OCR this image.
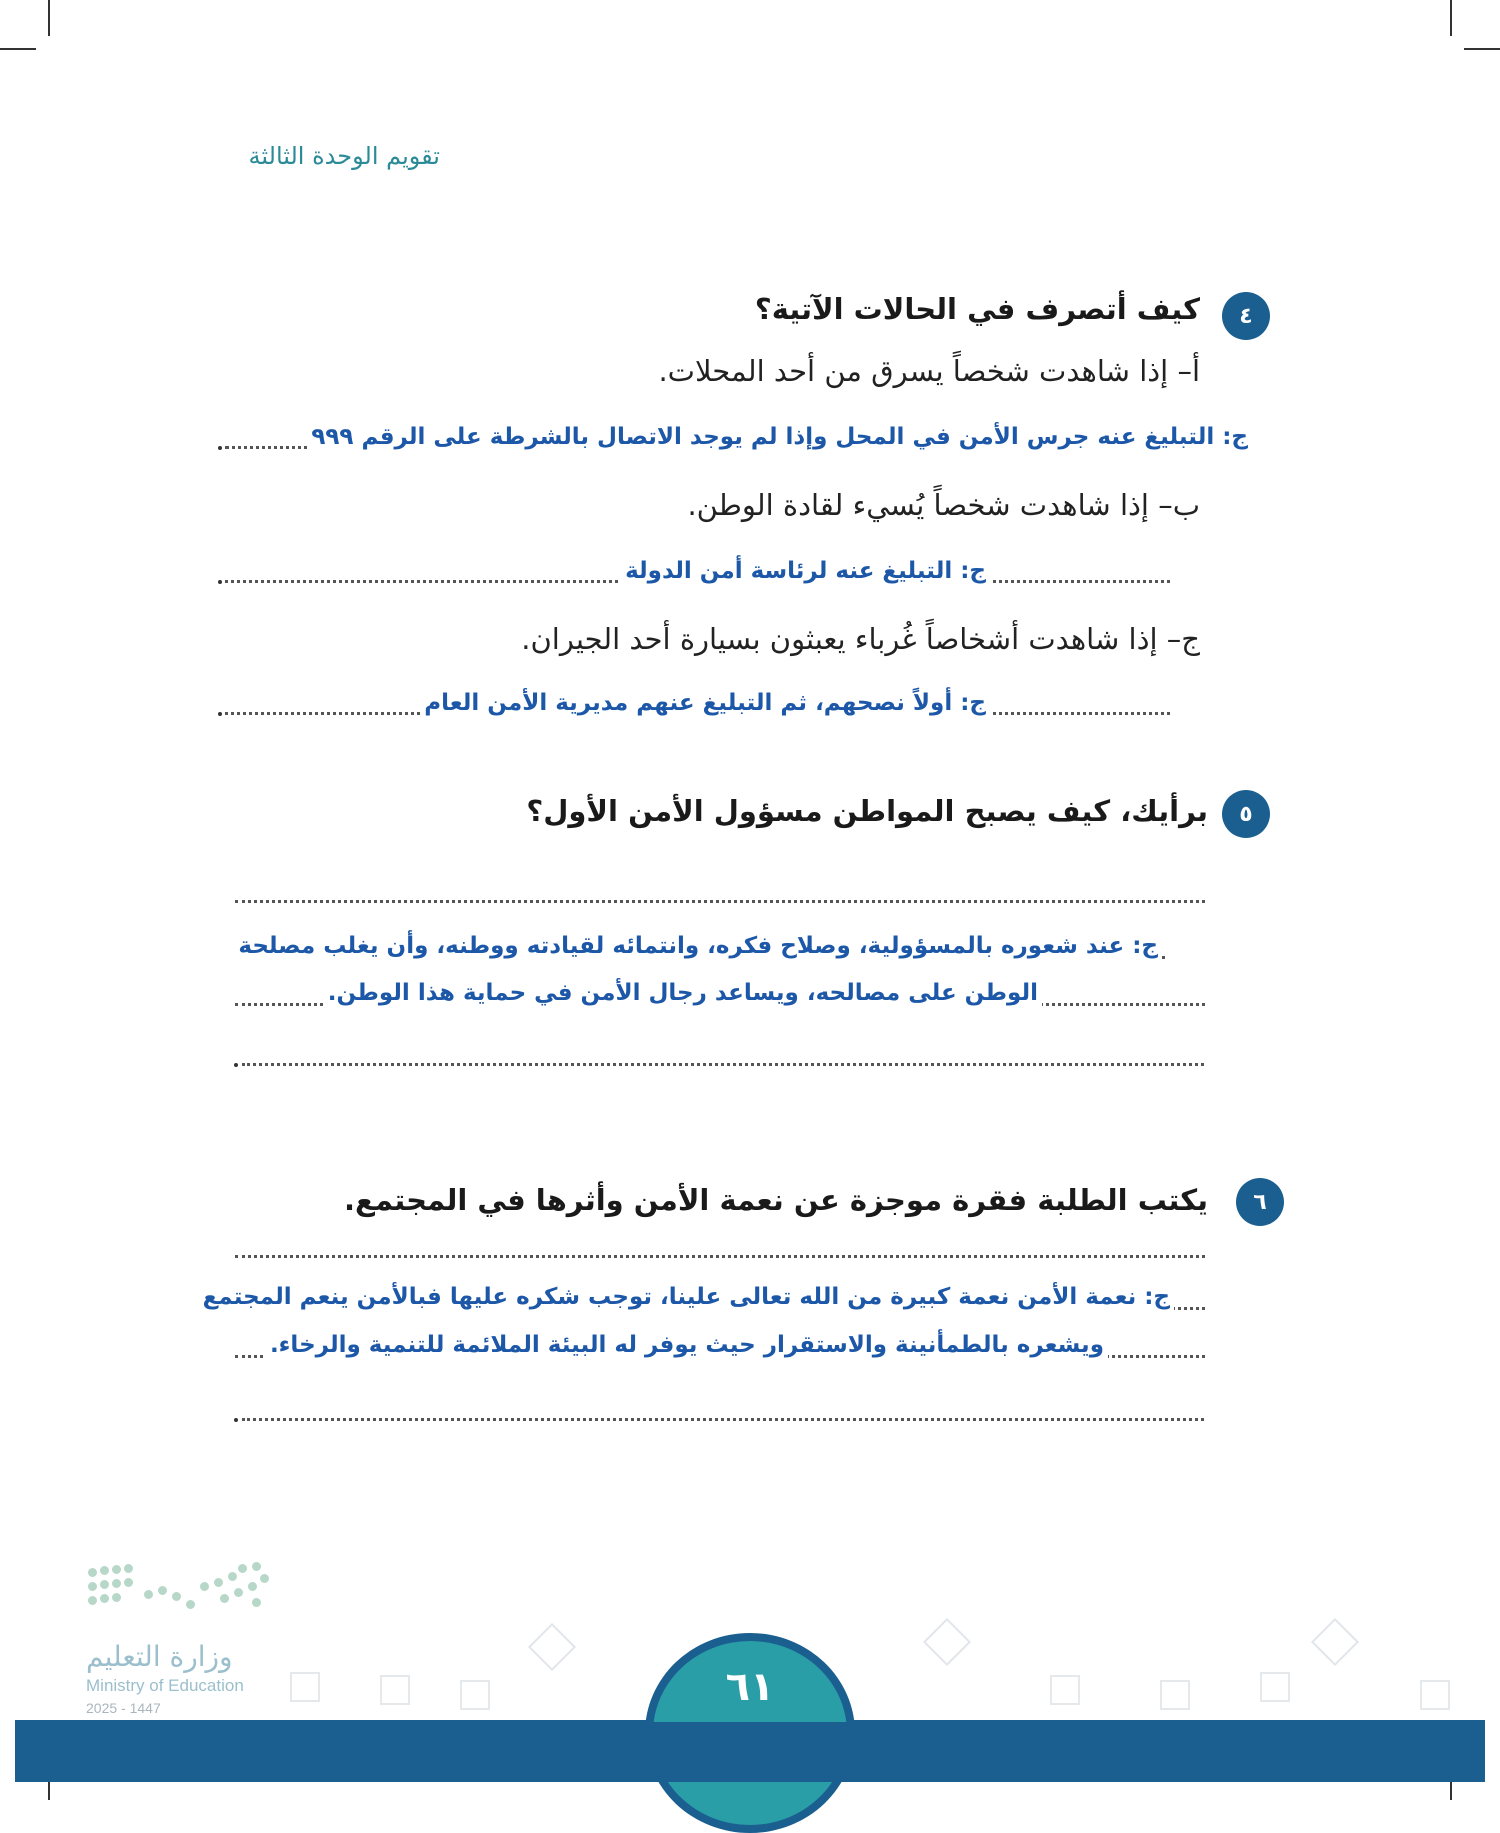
تقويم الوحدة الثالثة
٤
كيف أتصرف في الحالات الآتية؟
أ– إذا شاهدت شخصاً يسرق من أحد المحلات.
ج: التبليغ عنه جرس الأمن في المحل وإذا لم يوجد الاتصال بالشرطة على الرقم ٩٩٩
ب– إذا شاهدت شخصاً يُسيء لقادة الوطن.
ج: التبليغ عنه لرئاسة أمن الدولة
ج– إذا شاهدت أشخاصاً غُرباء يعبثون بسيارة أحد الجيران.
ج: أولاً نصحهم، ثم التبليغ عنهم مديرية الأمن العام
٥
برأيك، كيف يصبح المواطن مسؤول الأمن الأول؟
ج: عند شعوره بالمسؤولية، وصلاح فكره، وانتمائه لقيادته ووطنه، وأن يغلب مصلحة
الوطن على مصالحه، ويساعد رجال الأمن في حماية هذا الوطن.
٦
يكتب الطلبة فقرة موجزة عن نعمة الأمن وأثرها في المجتمع.
ج: نعمة الأمن نعمة كبيرة من الله تعالى علينا، توجب شكره عليها فبالأمن ينعم المجتمع
ويشعره بالطمأنينة والاستقرار حيث يوفر له البيئة الملائمة للتنمية والرخاء.
وزارة التعليم
Ministry of Education
2025 - 1447	٦١
